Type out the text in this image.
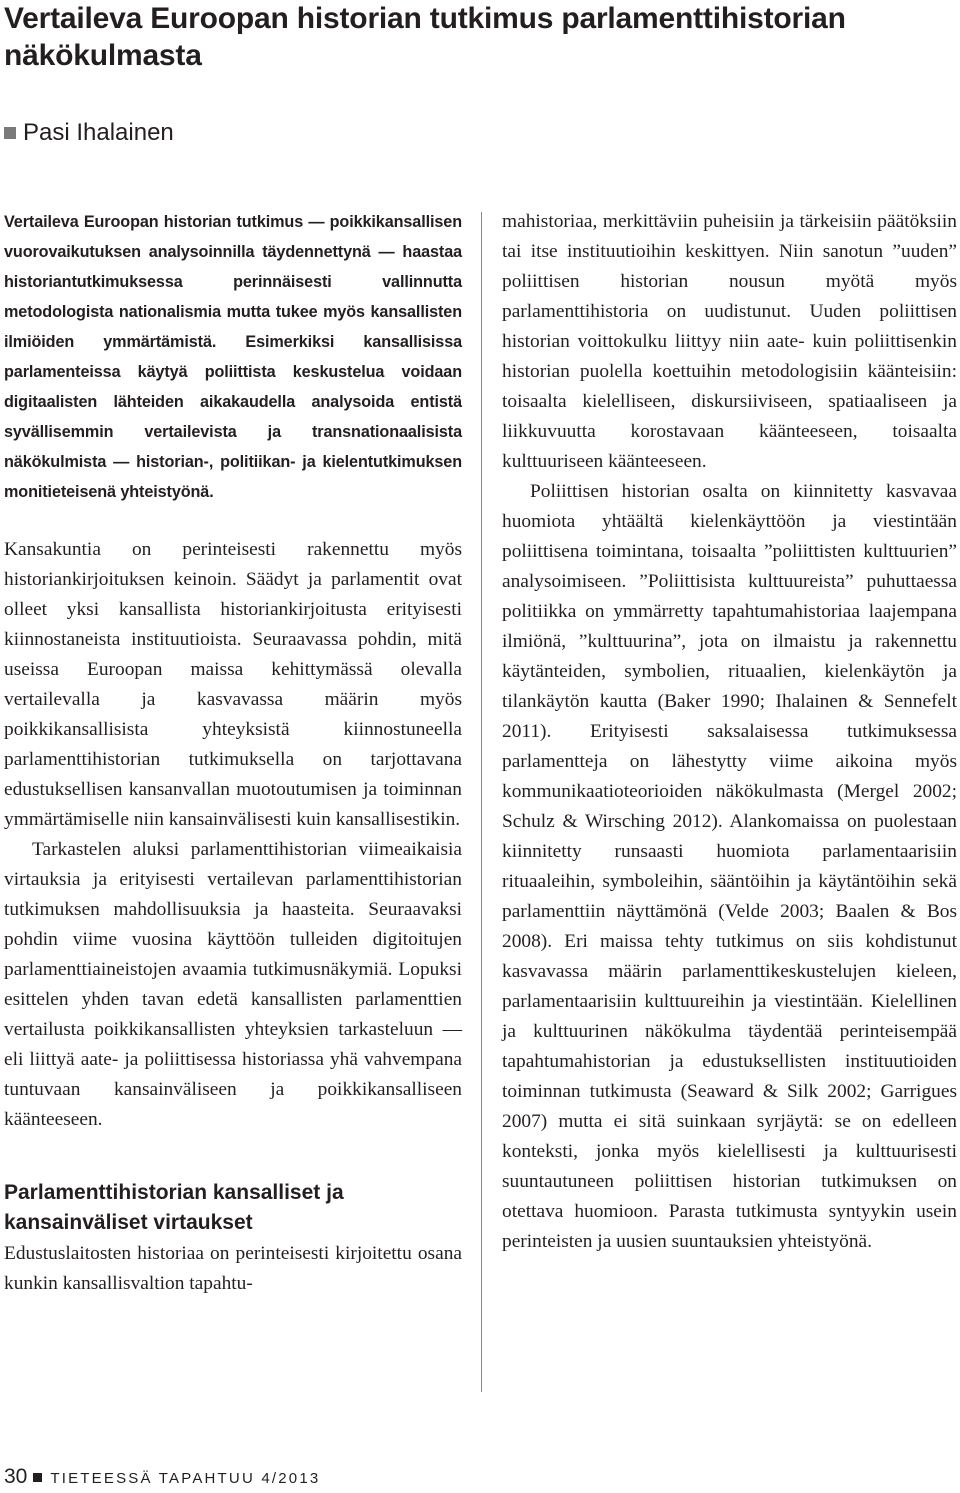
Vertaileva Euroopan historian tutkimus parlamenttihistorian näkökulmasta
Pasi Ihalainen

Vertaileva Euroopan historian tutkimus — poikkikansallisen vuorovaikutuksen analysoinnilla täydennettynä — haastaa historiantutkimuksessa perinnäisesti vallinnutta metodologista nationalismia mutta tukee myös kansallisten ilmiöiden ymmärtämistä. Esimerkiksi kansallisissa parlamenteissa käytyä poliittista keskustelua voidaan digitaalisten lähteiden aikakaudella analysoida entistä syvällisemmin vertailevista ja transnationaalisista näkökulmista — historian-, politiikan- ja kielentutkimuksen monitieteisenä yhteistyönä.

Kansakuntia on perinteisesti rakennettu myös historiankirjoituksen keinoin. Säädyt ja parlamentit ovat olleet yksi kansallista historiankirjoitusta erityisesti kiinnostaneista instituutioista. Seuraavassa pohdin, mitä useissa Euroopan maissa kehittymässä olevalla vertailevalla ja kasvavassa määrin myös poikkikansallisista yhteyksistä kiinnostuneella parlamenttihistorian tutkimuksella on tarjottavana edustuksellisen kansanvallan muotoutumisen ja toiminnan ymmärtämiselle niin kansainvälisesti kuin kansallisestikin.

Tarkastelen aluksi parlamenttihistorian viimeaikaisia virtauksia ja erityisesti vertailevan parlamenttihistorian tutkimuksen mahdollisuuksia ja haasteita. Seuraavaksi pohdin viime vuosina käyttöön tulleiden digitoitujen parlamenttiaineistojen avaamia tutkimusnäkymiä. Lopuksi esittelen yhden tavan edetä kansallisten parlamenttien vertailusta poikkikansallisten yhteyksien tarkasteluun — eli liittyä aate- ja poliittisessa historiassa yhä vahvempana tuntuvaan kansainväliseen ja poikkikansalliseen käänteeseen.

Parlamenttihistorian kansalliset ja kansainväliset virtaukset

Edustuslaitosten historiaa on perinteisesti kirjoitettu osana kunkin kansallisvaltion tapahtu-

mahistoriaa, merkittäviin puheisiin ja tärkeisiin päätöksiin tai itse instituutioihin keskittyen. Niin sanotun ”uuden” poliittisen historian nousun myötä myös parlamenttihistoria on uudistunut. Uuden poliittisen historian voittokulku liittyy niin aate- kuin poliittisenkin historian puolella koettuihin metodologisiin käänteisiin: toisaalta kielelliseen, diskursiiviseen, spatiaaliseen ja liikkuvuutta korostavaan käänteeseen, toisaalta kulttuuriseen käänteeseen.

Poliittisen historian osalta on kiinnitetty kasvavaa huomiota yhtäältä kielenkäyttöön ja viestintään poliittisena toimintana, toisaalta ”poliittisten kulttuurien” analysoimiseen. ”Poliittisista kulttuureista” puhuttaessa politiikka on ymmärretty tapahtumahistoriaa laajempana ilmiönä, ”kulttuurina”, jota on ilmaistu ja rakennettu käytänteiden, symbolien, rituaalien, kielenkäytön ja tilankäytön kautta (Baker 1990; Ihalainen & Sennefelt 2011). Erityisesti saksalaisessa tutkimuksessa parlamentteja on lähestytty viime aikoina myös kommunikaatioteorioiden näkökulmasta (Mergel 2002; Schulz & Wirsching 2012). Alankomaissa on puolestaan kiinnitetty runsaasti huomiota parlamentaarisiin rituaaleihin, symboleihin, sääntöihin ja käytäntöihin sekä parlamenttiin näyttämönä (Velde 2003; Baalen & Bos 2008). Eri maissa tehty tutkimus on siis kohdistunut kasvavassa määrin parlamenttikeskustelujen kieleen, parlamentaarisiin kulttuureihin ja viestintään. Kielellinen ja kulttuurinen näkökulma täydentää perinteisempää tapahtumahistorian ja edustuksellisten instituutioiden toiminnan tutkimusta (Seaward & Silk 2002; Garrigues 2007) mutta ei sitä suinkaan syrjäytä: se on edelleen konteksti, jonka myös kielellisesti ja kulttuurisesti suuntautuneen poliittisen historian tutkimuksen on otettava huomioon. Parasta tutkimusta syntyykin usein perinteisten ja uusien suuntauksien yhteistyönä.

30 TIETEESSÄ TAPAHTUU 4/2013
